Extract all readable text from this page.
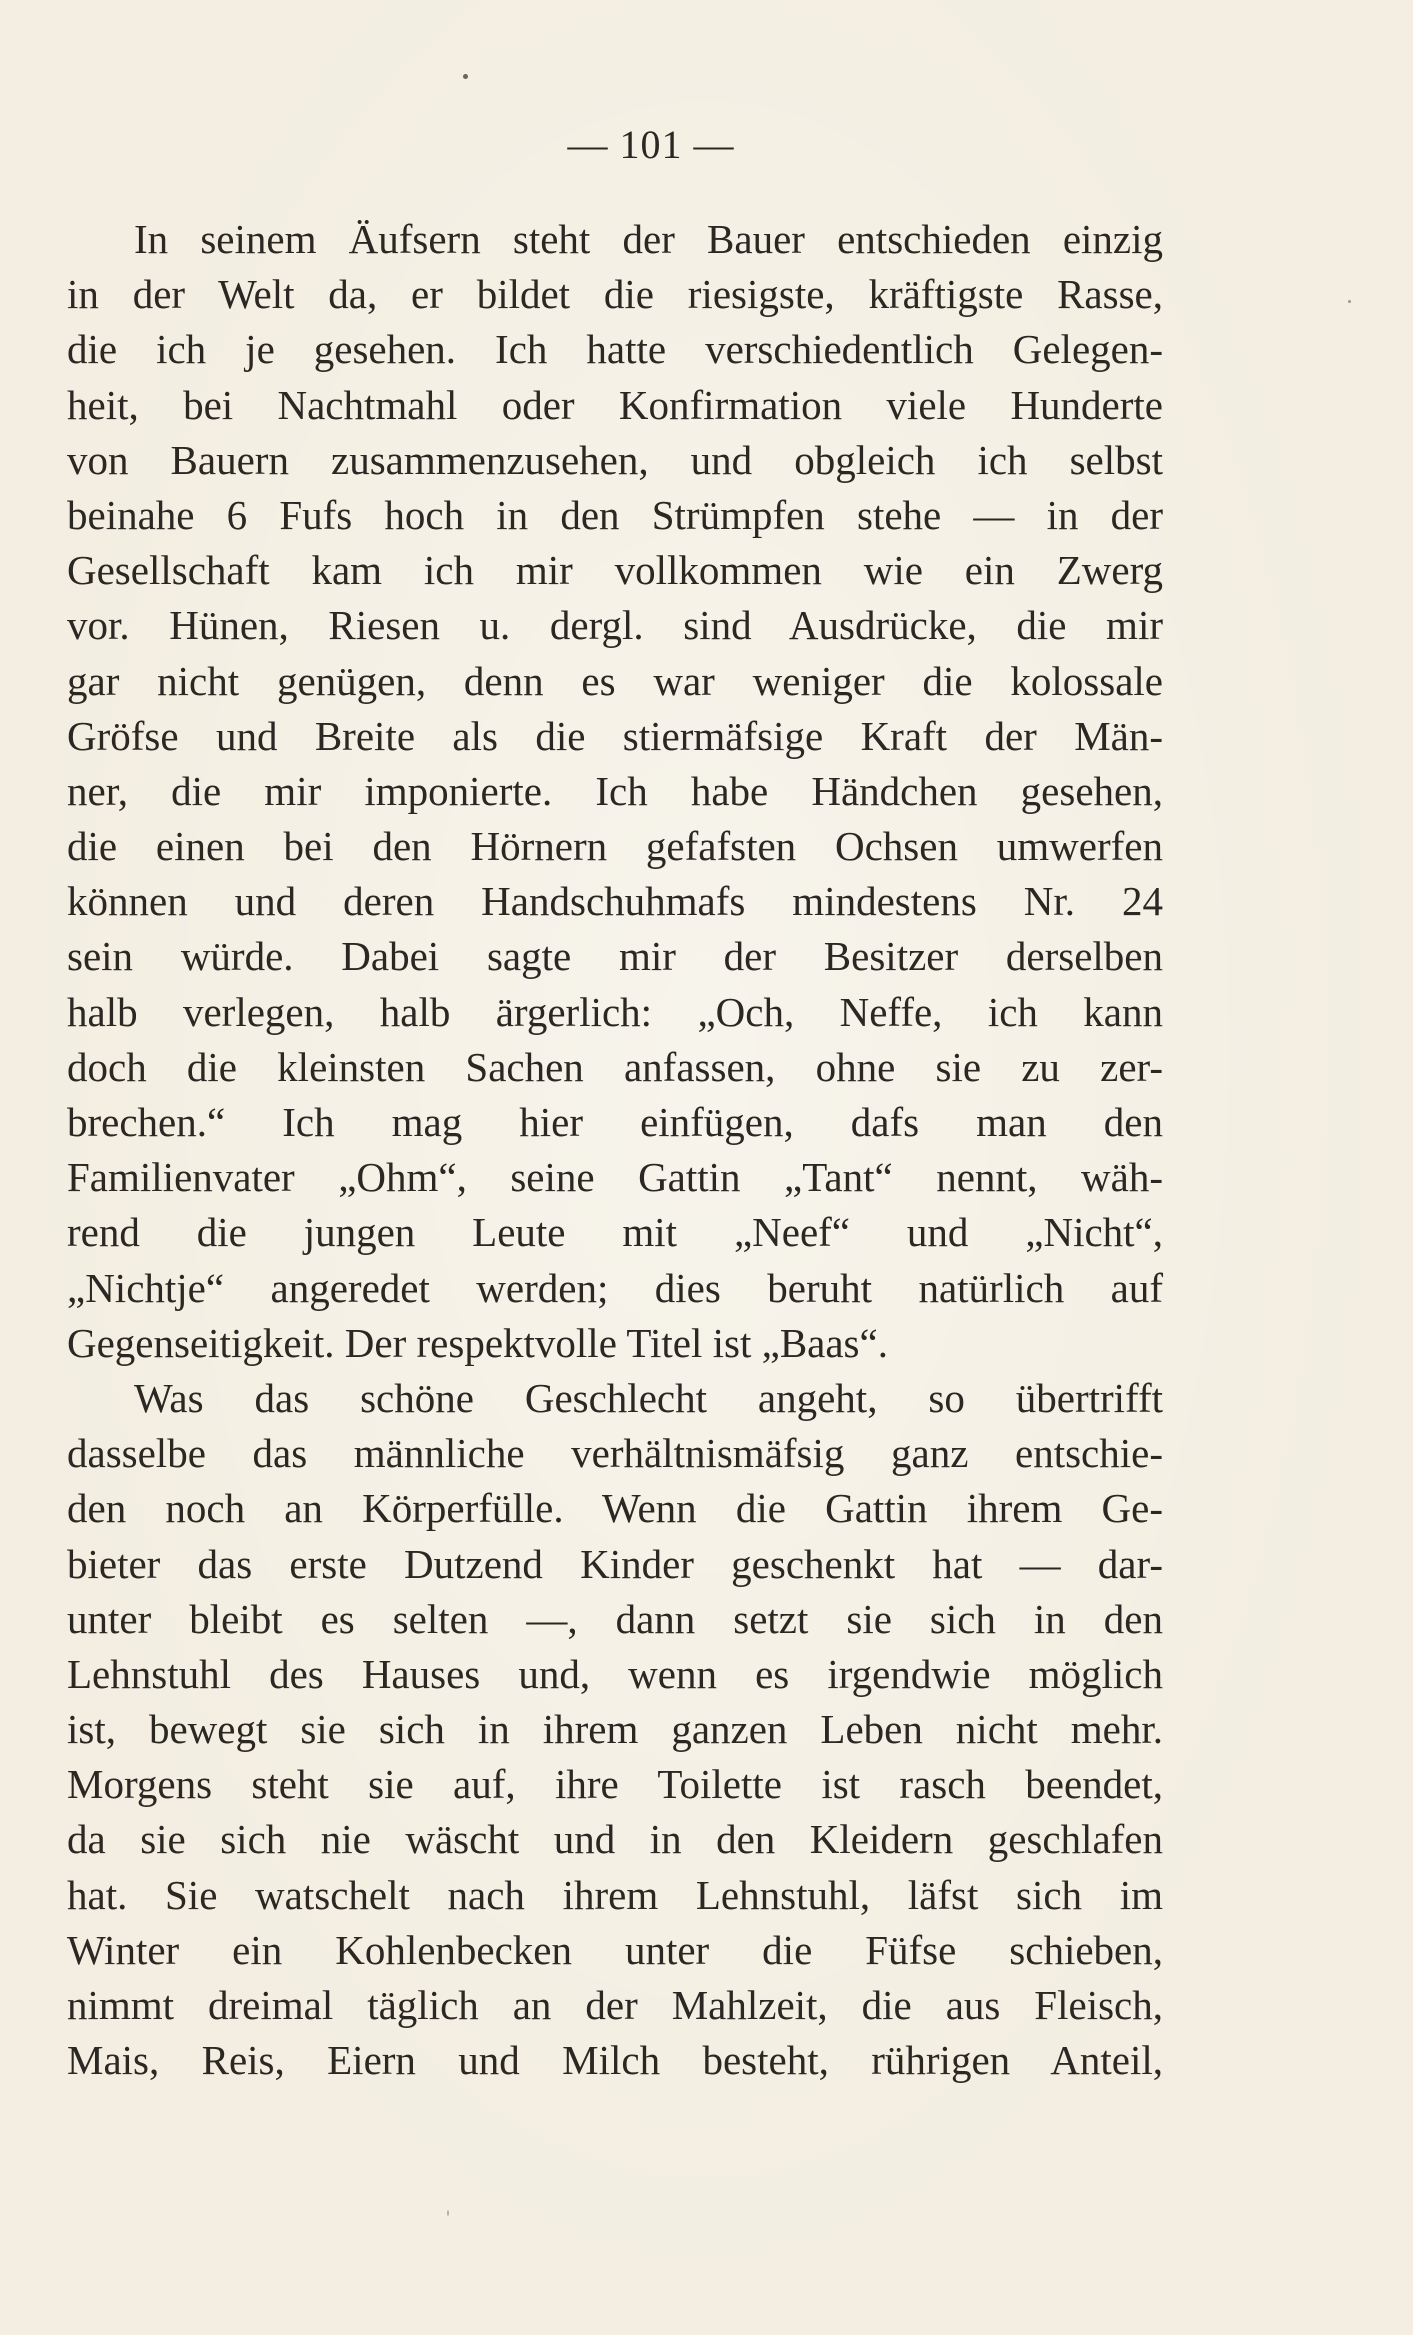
— 101 —
In seinem Äufsern steht der Bauer entschieden einzig
in der Welt da, er bildet die riesigste, kräftigste Rasse,
die ich je gesehen. Ich hatte verschiedentlich Gelegen-
heit, bei Nachtmahl oder Konfirmation viele Hunderte
von Bauern zusammenzusehen, und obgleich ich selbst
beinahe 6 Fufs hoch in den Strümpfen stehe — in der
Gesellschaft kam ich mir vollkommen wie ein Zwerg
vor. Hünen, Riesen u. dergl. sind Ausdrücke, die mir
gar nicht genügen, denn es war weniger die kolossale
Gröfse und Breite als die stiermäfsige Kraft der Män-
ner, die mir imponierte. Ich habe Händchen gesehen,
die einen bei den Hörnern gefafsten Ochsen umwerfen
können und deren Handschuhmafs mindestens Nr. 24
sein würde. Dabei sagte mir der Besitzer derselben
halb verlegen, halb ärgerlich: „Och, Neffe, ich kann
doch die kleinsten Sachen anfassen, ohne sie zu zer-
brechen.“ Ich mag hier einfügen, dafs man den
Familienvater „Ohm“, seine Gattin „Tant“ nennt, wäh-
rend die jungen Leute mit „Neef“ und „Nicht“,
„Nichtje“ angeredet werden; dies beruht natürlich auf
Gegenseitigkeit. Der respektvolle Titel ist „Baas“.
Was das schöne Geschlecht angeht, so übertrifft
dasselbe das männliche verhältnismäfsig ganz entschie-
den noch an Körperfülle. Wenn die Gattin ihrem Ge-
bieter das erste Dutzend Kinder geschenkt hat — dar-
unter bleibt es selten —, dann setzt sie sich in den
Lehnstuhl des Hauses und, wenn es irgendwie möglich
ist, bewegt sie sich in ihrem ganzen Leben nicht mehr.
Morgens steht sie auf, ihre Toilette ist rasch beendet,
da sie sich nie wäscht und in den Kleidern geschlafen
hat. Sie watschelt nach ihrem Lehnstuhl, läfst sich im
Winter ein Kohlenbecken unter die Füfse schieben,
nimmt dreimal täglich an der Mahlzeit, die aus Fleisch,
Mais, Reis, Eiern und Milch besteht, rührigen Anteil,
